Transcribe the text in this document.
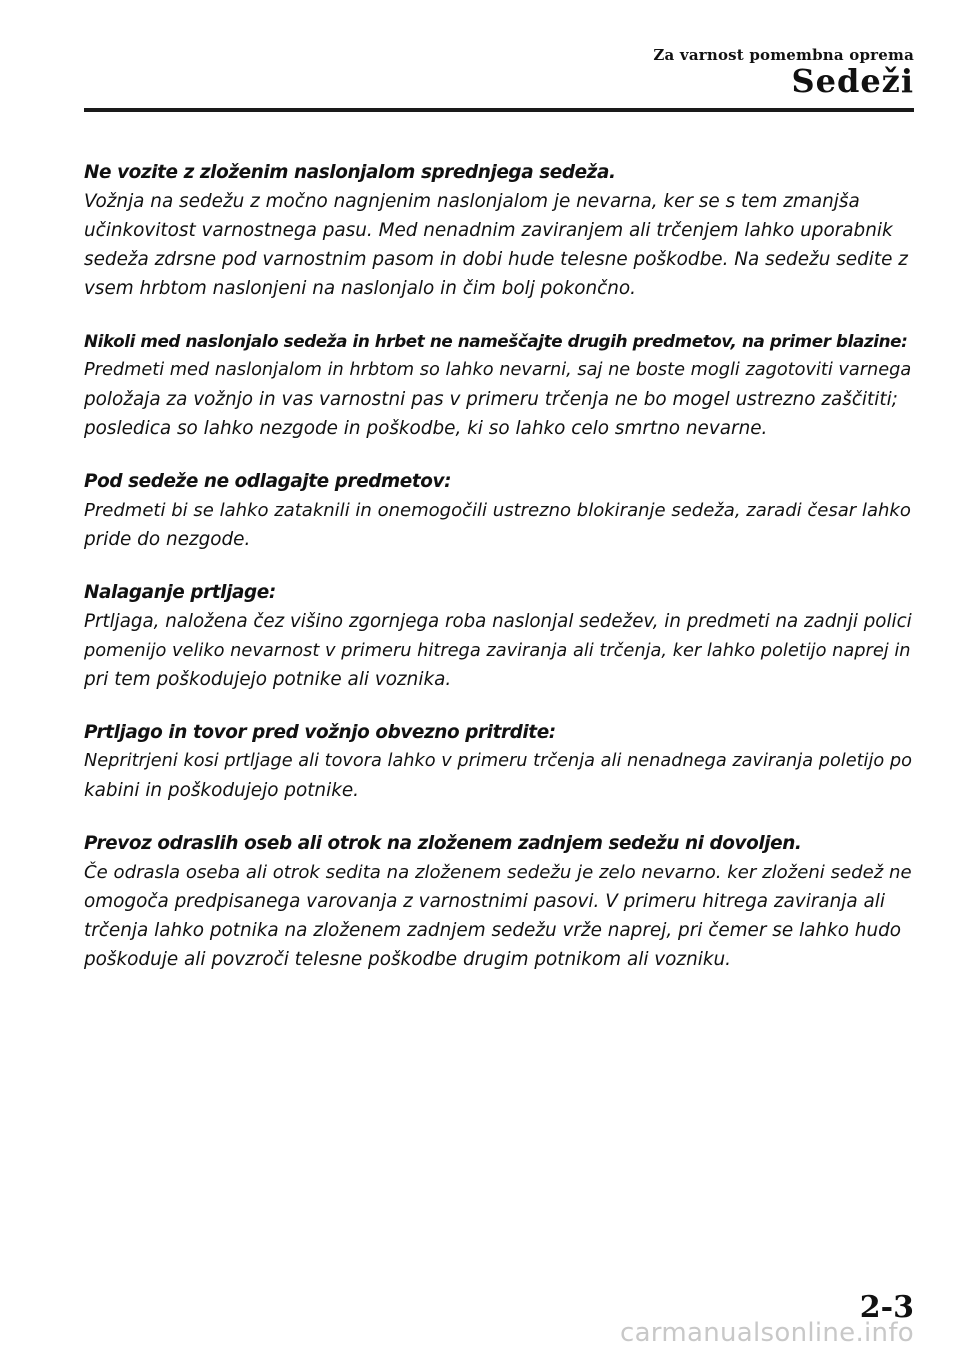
Za varnost pomembna oprema
Sedeži
Ne vozite z zloženim naslonjalom sprednjega sedeža.
Vožnja na sedežu z močno nagnjenim naslonjalom je nevarna, ker se s tem zmanjša
učinkovitost varnostnega pasu. Med nenadnim zaviranjem ali trčenjem lahko uporabnik
sedeža zdrsne pod varnostnim pasom in dobi hude telesne poškodbe. Na sedežu sedite z
vsem hrbtom naslonjeni na naslonjalo in čim bolj pokončno.
Nikoli med naslonjalo sedeža in hrbet ne nameščajte drugih predmetov, na primer blazine:
Predmeti med naslonjalom in hrbtom so lahko nevarni, saj ne boste mogli zagotoviti varnega
položaja za vožnjo in vas varnostni pas v primeru trčenja ne bo mogel ustrezno zaščititi;
posledica so lahko nezgode in poškodbe, ki so lahko celo smrtno nevarne.
Pod sedeže ne odlagajte predmetov:
Predmeti bi se lahko zataknili in onemogočili ustrezno blokiranje sedeža, zaradi česar lahko
pride do nezgode.
Nalaganje prtljage:
Prtljaga, naložena čez višino zgornjega roba naslonjal sedežev, in predmeti na zadnji polici
pomenijo veliko nevarnost v primeru hitrega zaviranja ali trčenja, ker lahko poletijo naprej in
pri tem poškodujejo potnike ali voznika.
Prtljago in tovor pred vožnjo obvezno pritrdite:
Nepritrjeni kosi prtljage ali tovora lahko v primeru trčenja ali nenadnega zaviranja poletijo po
kabini in poškodujejo potnike.
Prevoz odraslih oseb ali otrok na zloženem zadnjem sedežu ni dovoljen.
Če odrasla oseba ali otrok sedita na zloženem sedežu je zelo nevarno. ker zloženi sedež ne
omogoča predpisanega varovanja z varnostnimi pasovi. V primeru hitrega zaviranja ali
trčenja lahko potnika na zloženem zadnjem sedežu vrže naprej, pri čemer se lahko hudo
poškoduje ali povzroči telesne poškodbe drugim potnikom ali vozniku.
2-3
carmanualsonline.info
